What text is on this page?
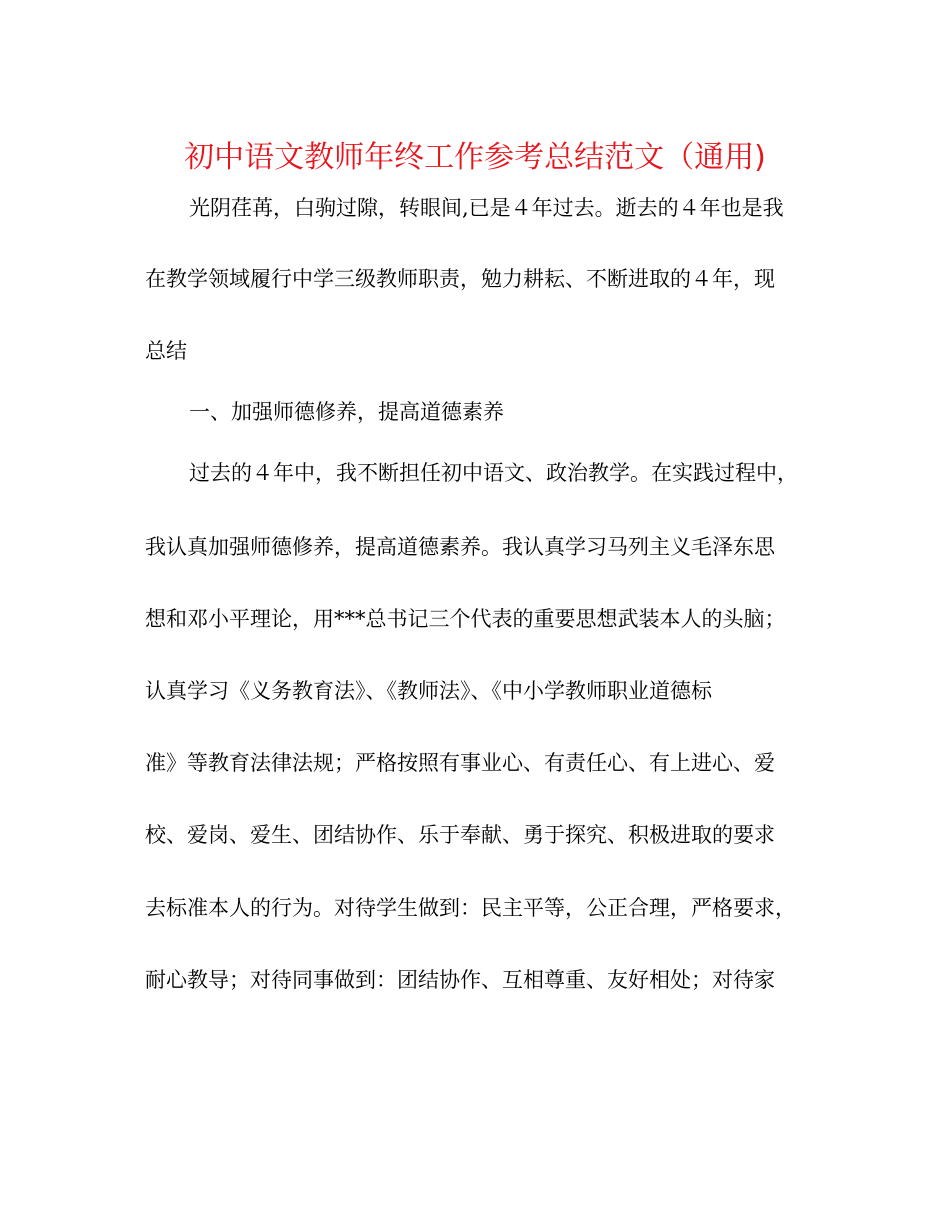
初中语文教师年终工作参考总结范文（通用)

光阴荏苒，白驹过隙，转眼间,已是４年过去。逝去的４年也是我

在教学领域履行中学三级教师职责，勉力耕耘、不断进取的４年，现

总结

一、加强师德修养，提高道德素养

过去的４年中，我不断担任初中语文、政治教学。在实践过程中，

我认真加强师德修养，提高道德素养。我认真学习马列主义毛泽东思

想和邓小平理论，用***总书记三个代表的重要思想武装本人的头脑；

认真学习《义务教育法》、《教师法》、《中小学教师职业道德标

准》等教育法律法规；严格按照有事业心、有责任心、有上进心、爱

校、爱岗、爱生、团结协作、乐于奉献、勇于探究、积极进取的要求

去标准本人的行为。对待学生做到：民主平等，公正合理，严格要求，

耐心教导；对待同事做到：团结协作、互相尊重、友好相处；对待家
